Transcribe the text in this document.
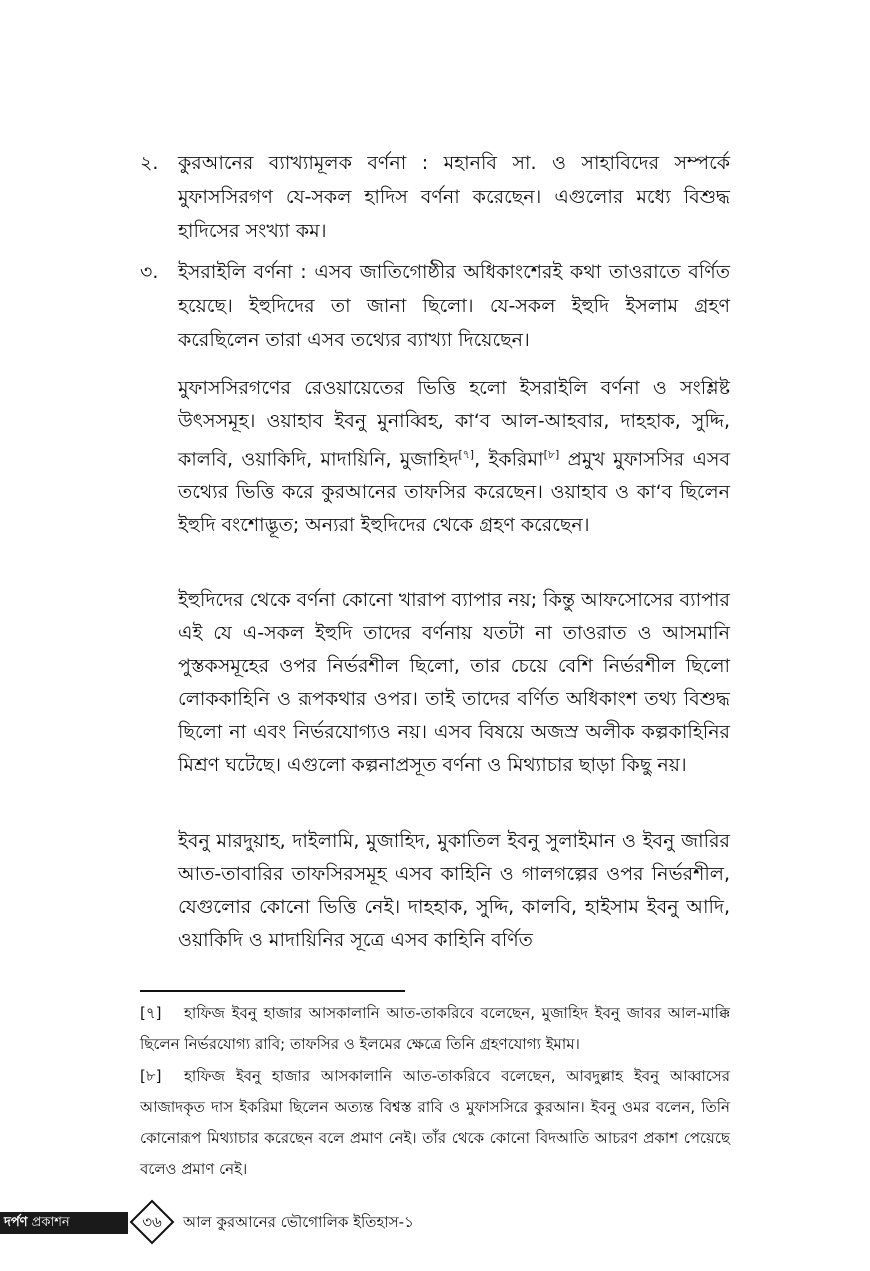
২. কুরআনের ব্যাখ্যামূলক বর্ণনা : মহানবি সা. ও সাহাবিদের সম্পর্কে মুফাসসিরগণ যে-সকল হাদিস বর্ণনা করেছেন। এগুলোর মধ্যে বিশুদ্ধ হাদিসের সংখ্যা কম।
৩. ইসরাইলি বর্ণনা : এসব জাতিগোষ্ঠীর অধিকাংশেরই কথা তাওরাতে বর্ণিত হয়েছে। ইহুদিদের তা জানা ছিলো। যে-সকল ইহুদি ইসলাম গ্রহণ করেছিলেন তারা এসব তথ্যের ব্যাখ্যা দিয়েছেন।
মুফাসসিরগণের রেওয়ায়েতের ভিত্তি হলো ইসরাইলি বর্ণনা ও সংশ্লিষ্ট উৎসসমূহ। ওয়াহাব ইবনু মুনাব্বিহ, কা‘ব আল-আহবার, দাহহাক, সুদ্দি, কালবি, ওয়াকিদি, মাদায়িনি, মুজাহিদ[৭], ইকরিমা[৮] প্রমুখ মুফাসসির এসব তথ্যের ভিত্তি করে কুরআনের তাফসির করেছেন। ওয়াহাব ও কা‘ব ছিলেন ইহুদি বংশোদ্ভূত; অন্যরা ইহুদিদের থেকে গ্রহণ করেছেন।
ইহুদিদের থেকে বর্ণনা কোনো খারাপ ব্যাপার নয়; কিন্তু আফসোসের ব্যাপার এই যে এ-সকল ইহুদি তাদের বর্ণনায় যতটা না তাওরাত ও আসমানি পুস্তকসমূহের ওপর নির্ভরশীল ছিলো, তার চেয়ে বেশি নির্ভরশীল ছিলো লোককাহিনি ও রূপকথার ওপর। তাই তাদের বর্ণিত অধিকাংশ তথ্য বিশুদ্ধ ছিলো না এবং নির্ভরযোগ্যও নয়। এসব বিষয়ে অজস্র অলীক কল্পকাহিনির মিশ্রণ ঘটেছে। এগুলো কল্পনাপ্রসূত বর্ণনা ও মিথ্যাচার ছাড়া কিছু নয়।
ইবনু মারদুয়াহ, দাইলামি, মুজাহিদ, মুকাতিল ইবনু সুলাইমান ও ইবনু জারির আত-তাবারির তাফসিরসমূহ এসব কাহিনি ও গালগল্পের ওপর নির্ভরশীল, যেগুলোর কোনো ভিত্তি নেই। দাহহাক, সুদ্দি, কালবি, হাইসাম ইবনু আদি, ওয়াকিদি ও মাদায়িনির সূত্রে এসব কাহিনি বর্ণিত
[৭] হাফিজ ইবনু হাজার আসকালানি আত-তাকরিবে বলেছেন, মুজাহিদ ইবনু জাবর আল-মাক্কি ছিলেন নির্ভরযোগ্য রাবি; তাফসির ও ইলমের ক্ষেত্রে তিনি গ্রহণযোগ্য ইমাম।
[৮] হাফিজ ইবনু হাজার আসকালানি আত-তাকরিবে বলেছেন, আবদুল্লাহ ইবনু আব্বাসের আজাদকৃত দাস ইকরিমা ছিলেন অত্যন্ত বিশ্বস্ত রাবি ও মুফাসসিরে কুরআন। ইবনু ওমর বলেন, তিনি কোনোরূপ মিথ্যাচার করেছেন বলে প্রমাণ নেই। তাঁর থেকে কোনো বিদআতি আচরণ প্রকাশ পেয়েছে বলেও প্রমাণ নেই।
দর্পণ প্রকাশন	৩৬	আল কুরআনের ভৌগোলিক ইতিহাস-১
